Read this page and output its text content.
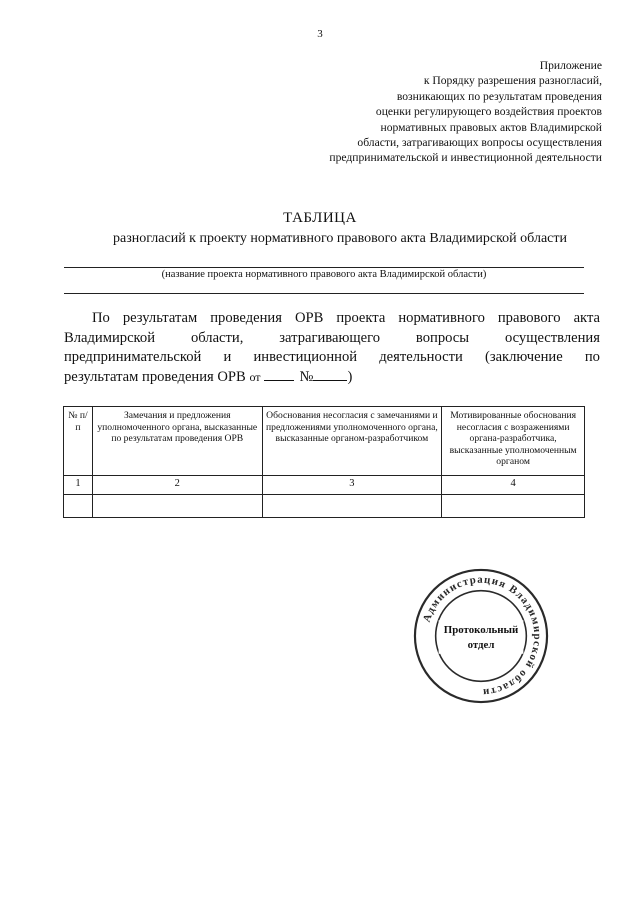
3
Приложение
к Порядку разрешения разногласий,
возникающих по результатам проведения
оценки регулирующего воздействия проектов
нормативных правовых актов Владимирской
области, затрагивающих вопросы осуществления
предпринимательской и инвестиционной деятельности
ТАБЛИЦА
разногласий к проекту нормативного правового акта Владимирской области
(название проекта нормативного правового акта Владимирской области)
По результатам проведения ОРВ проекта нормативного правового акта
Владимирской области, затрагивающего вопросы осуществления
предпринимательской и инвестиционной деятельности (заключение по
результатам проведения ОРВ
от	№ )
№ п/п	Замечания и предложения уполномоченного органа, высказанные по результатам проведения ОРВ	Обоснования несогласия с замечаниями и предложениями уполномоченного органа, высказанные органом-разработчиком	Мотивированные обоснования несогласия с возражениями органа-разработчика, высказанные уполномоченным органом
1	2	3	4

Администрация Владимирской области
Протокольный
отдел
